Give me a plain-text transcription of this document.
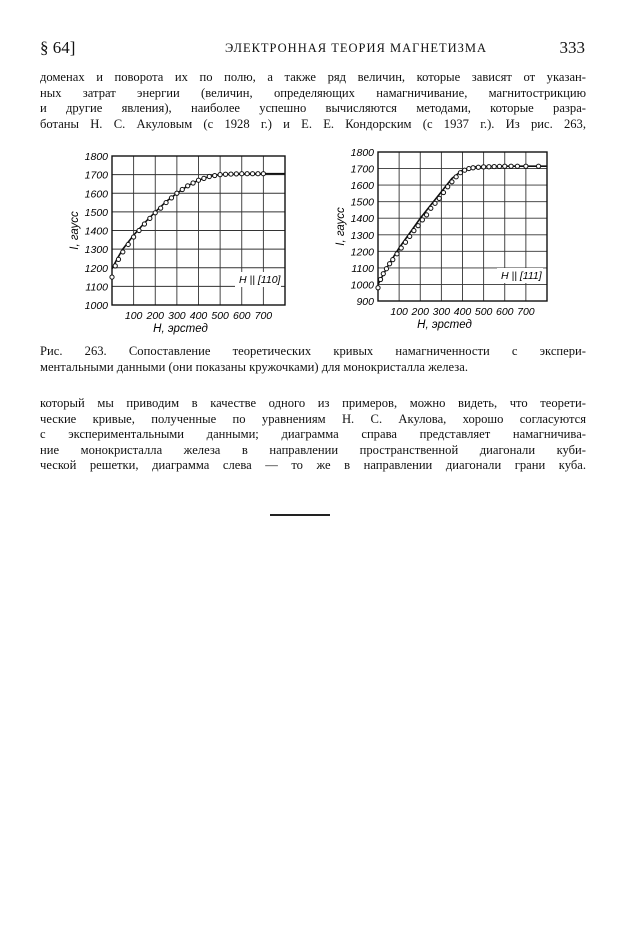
§ 64]	ЭЛЕКТРОННАЯ ТЕОРИЯ МАГНЕТИЗМА	333
доменах и поворота их по полю, а также ряд величин, которые зависят от указан-
ных затрат энергии (величин, определяющих намагничивание, магнитострикцию
и другие явления), наиболее успешно вычисляются методами, которые разра-
ботаны Н. С. Акуловым (с 1928 г.) и Е. Е. Кондорским (с 1937 г.). Из рис. 263,
100 200 300 400 500 600 700
1000
1100
1200
1300
1400
1500
1600
1700
1800
H, эрстед
I, гаусс
H || [110]
100 200 300 400 500 600 700
900
1000
1100
1200
1300
1400
1500
1600
1700
1800
H, эрстед
I, гаусс
H || [111]
Рис. 263. Сопоставление теоретических кривых намагниченности с экспери-
ментальными данными (они показаны кружочками) для монокристалла железа.
который мы приводим в качестве одного из примеров, можно видеть, что теорети-
ческие кривые, полученные по уравнениям Н. С. Акулова, хорошо согласуются
с экспериментальными данными; диаграмма справа представляет намагничива-
ние монокристалла железа в направлении пространственной диагонали куби-
ческой решетки, диаграмма слева — то же в направлении диагонали грани куба.
